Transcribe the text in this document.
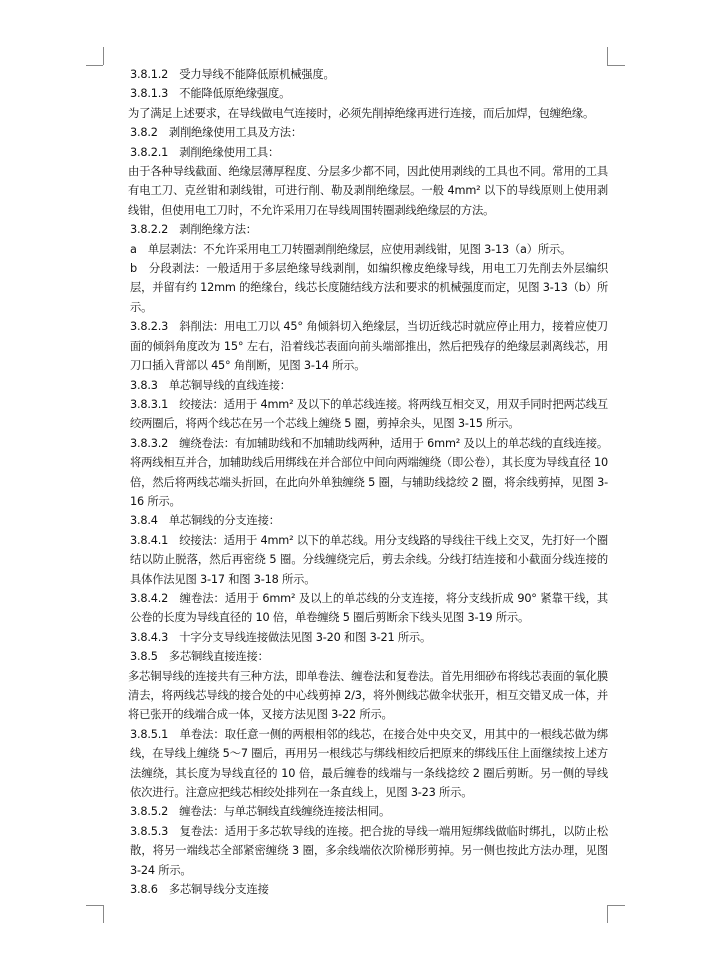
3.8.1.2　受力导线不能降低原机械强度。

3.8.1.3　不能降低原绝缘强度。

为了满足上述要求，在导线做电气连接时，必须先削掉绝缘再进行连接，而后加焊，包缠绝缘。

3.8.2　剥削绝缘使用工具及方法：

3.8.2.1　剥削绝缘使用工具：

由于各种导线截面、绝缘层薄厚程度、分层多少都不同，因此使用剥线的工具也不同。常用的工具有电工刀、克丝钳和剥线钳，可进行削、勒及剥削绝缘层。一般 4mm² 以下的导线原则上使用剥线钳，但使用电工刀时，不允许采用刀在导线周围转圈剥线绝缘层的方法。

3.8.2.2　剥削绝缘方法：

a　单层剥法：不允许采用电工刀转圈剥削绝缘层，应使用剥线钳，见图 3-13（a）所示。

b　分段剥法：一般适用于多层绝缘导线剥削，如编织橡皮绝缘导线，用电工刀先削去外层编织层，并留有约 12mm 的绝缘台，线芯长度随结线方法和要求的机械强度而定，见图 3-13（b）所示。

3.8.2.3　斜削法：用电工刀以 45° 角倾斜切入绝缘层，当切近线芯时就应停止用力，接着应使刀面的倾斜角度改为 15° 左右，沿着线芯表面向前头端部推出，然后把残存的绝缘层剥离线芯，用刀口插入背部以 45° 角削断，见图 3-14 所示。

3.8.3　单芯铜导线的直线连接：

3.8.3.1　绞接法：适用于 4mm² 及以下的单芯线连接。将两线互相交叉，用双手同时把两芯线互绞两圈后，将两个线芯在另一个芯线上缠绕 5 圈，剪掉余头，见图 3-15 所示。

3.8.3.2　缠绕卷法：有加辅助线和不加辅助线两种，适用于 6mm² 及以上的单芯线的直线连接。将两线相互并合，加辅助线后用绑线在并合部位中间向两端缠绕（即公卷），其长度为导线直径 10 倍，然后将两线芯端头折回，在此向外单独缠绕 5 圈，与辅助线捻绞 2 圈，将余线剪掉，见图 3-16 所示。

3.8.4　单芯铜线的分支连接：

3.8.4.1　绞接法：适用于 4mm² 以下的单芯线。用分支线路的导线往干线上交叉，先打好一个圈结以防止脱落，然后再密绕 5 圈。分线缠绕完后，剪去余线。分线打结连接和小截面分线连接的具体作法见图 3-17 和图 3-18 所示。

3.8.4.2　缠卷法：适用于 6mm² 及以上的单芯线的分支连接，将分支线折成 90° 紧靠干线，其公卷的长度为导线直径的 10 倍，单卷缠绕 5 圈后剪断余下线头见图 3-19 所示。

3.8.4.3　十字分支导线连接做法见图 3-20 和图 3-21 所示。

3.8.5　多芯铜线直接连接：

多芯铜导线的连接共有三种方法，即单卷法、缠卷法和复卷法。首先用细砂布将线芯表面的氧化膜清去，将两线芯导线的接合处的中心线剪掉 2/3，将外侧线芯做伞状张开，相互交错叉成一体，并将已张开的线端合成一体，叉接方法见图 3-22 所示。

3.8.5.1　单卷法：取任意一侧的两根相邻的线芯，在接合处中央交叉，用其中的一根线芯做为绑线，在导线上缠绕 5～7 圈后，再用另一根线芯与绑线相绞后把原来的绑线压住上面继续按上述方法缠绕，其长度为导线直径的 10 倍，最后缠卷的线端与一条线捻绞 2 圈后剪断。另一侧的导线依次进行。注意应把线芯相绞处排列在一条直线上，见图 3-23 所示。

3.8.5.2　缠卷法：与单芯铜线直线缠绕连接法相同。

3.8.5.3　复卷法：适用于多芯软导线的连接。把合拢的导线一端用短绑线做临时绑扎，以防止松散，将另一端线芯全部紧密缠绕 3 圈，多余线端依次阶梯形剪掉。另一侧也按此方法办理，见图 3-24 所示。

3.8.6　多芯铜导线分支连接
